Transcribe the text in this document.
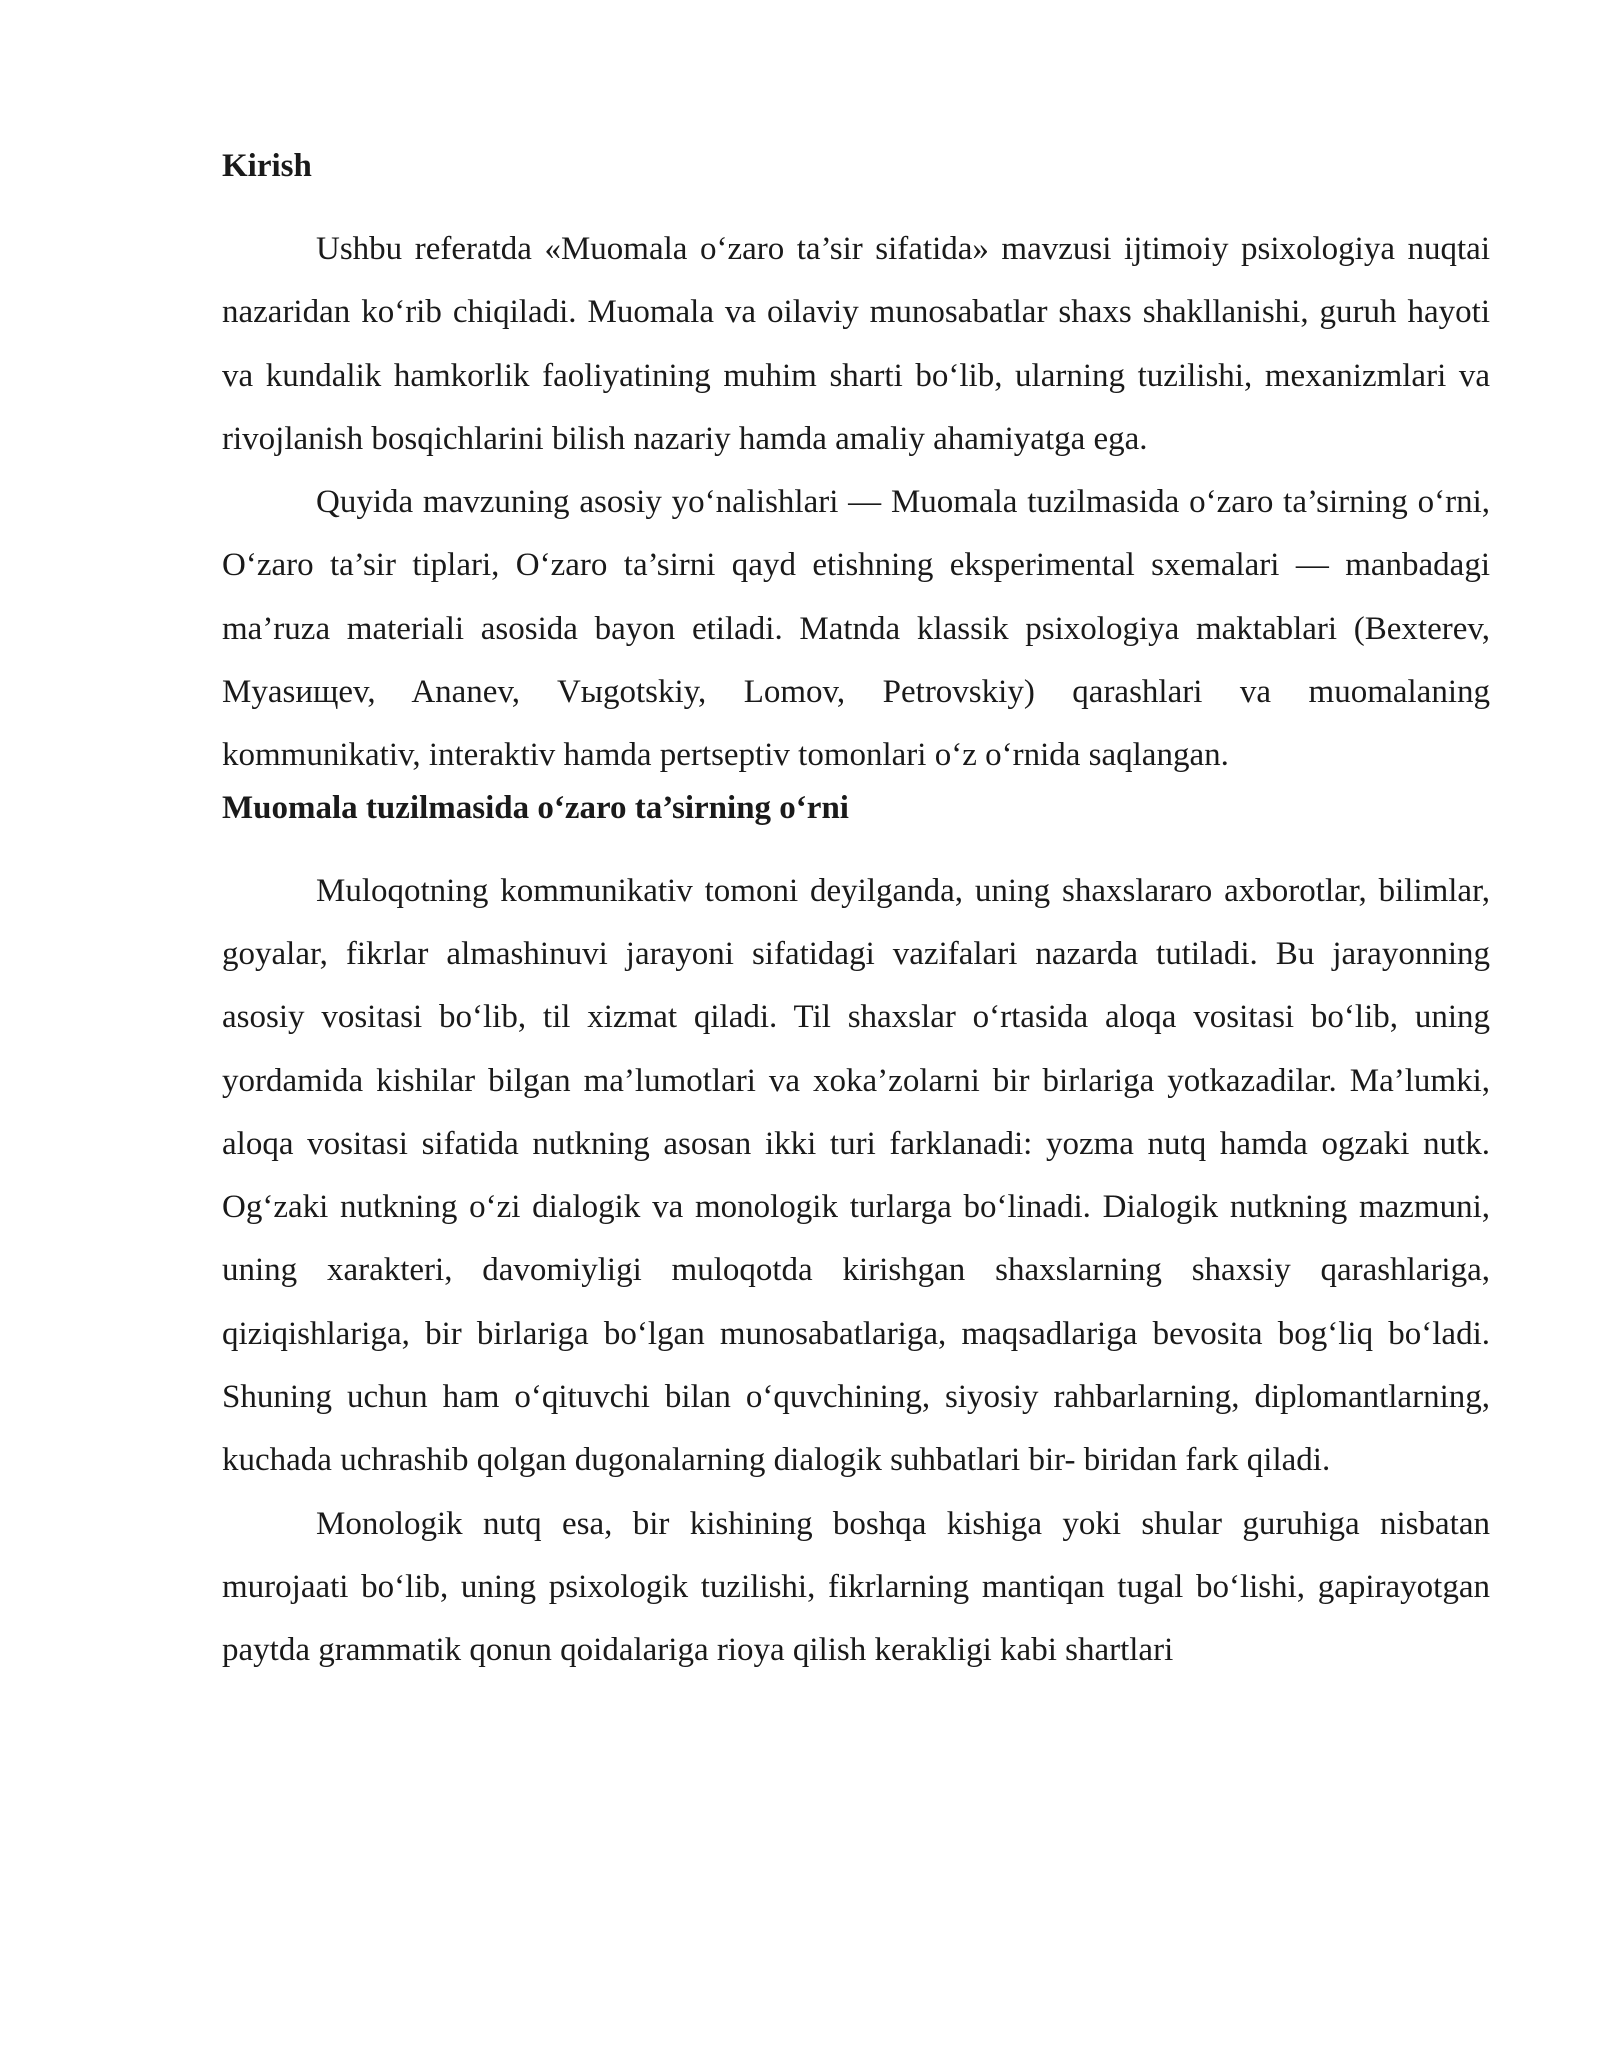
Kirish

Ushbu referatda «Muomala o‘zaro ta’sir sifatida» mavzusi ijtimoiy psixologiya nuqtai nazaridan ko‘rib chiqiladi. Muomala va oilaviy munosabatlar shaxs shakllanishi, guruh hayoti va kundalik hamkorlik faoliyatining muhim sharti bo‘lib, ularning tuzilishi, mexanizmlari va rivojlanish bosqichlarini bilish nazariy hamda amaliy ahamiyatga ega.

Quyida mavzuning asosiy yo‘nalishlari — Muomala tuzilmasida o‘zaro ta’sirning o‘rni, O‘zaro ta’sir tiplari, O‘zaro ta’sirni qayd etishning eksperimental sxemalari — manbadagi ma’ruza materiali asosida bayon etiladi. Matnda klassik psixologiya maktablari (Bexterev, Myasищev, Ananev, Vыgotskiy, Lomov, Petrovskiy) qarashlari va muomalaning kommunikativ, interaktiv hamda pertseptiv tomonlari o‘z o‘rnida saqlangan.

Muomala tuzilmasida o‘zaro ta’sirning o‘rni

Muloqotning kommunikativ tomoni deyilganda, uning shaxslararo axborotlar, bilimlar, goyalar, fikrlar almashinuvi jarayoni sifatidagi vazifalari nazarda tutiladi. Bu jarayonning asosiy vositasi bo‘lib, til xizmat qiladi. Til shaxslar o‘rtasida aloqa vositasi bo‘lib, uning yordamida kishilar bilgan ma’lumotlari va xoka’zolarni bir birlariga yotkazadilar. Ma’lumki, aloqa vositasi sifatida nutkning asosan ikki turi farklanadi: yozma nutq hamda ogzaki nutk. Og‘zaki nutkning o‘zi dialogik va monologik turlarga bo‘linadi. Dialogik nutkning mazmuni, uning xarakteri, davomiyligi muloqotda kirishgan shaxslarning shaxsiy qarashlariga, qiziqishlariga, bir birlariga bo‘lgan munosabatlariga, maqsadlariga bevosita bog‘liq bo‘ladi. Shuning uchun ham o‘qituvchi bilan o‘quvchining, siyosiy rahbarlarning, diplomantlarning, kuchada uchrashib qolgan dugonalarning dialogik suhbatlari bir- biridan fark qiladi.

Monologik nutq esa, bir kishining boshqa kishiga yoki shular guruhiga nisbatan murojaati bo‘lib, uning psixologik tuzilishi, fikrlarning mantiqan tugal bo‘lishi, gapirayotgan paytda grammatik qonun qoidalariga rioya qilish kerakligi kabi shartlari
